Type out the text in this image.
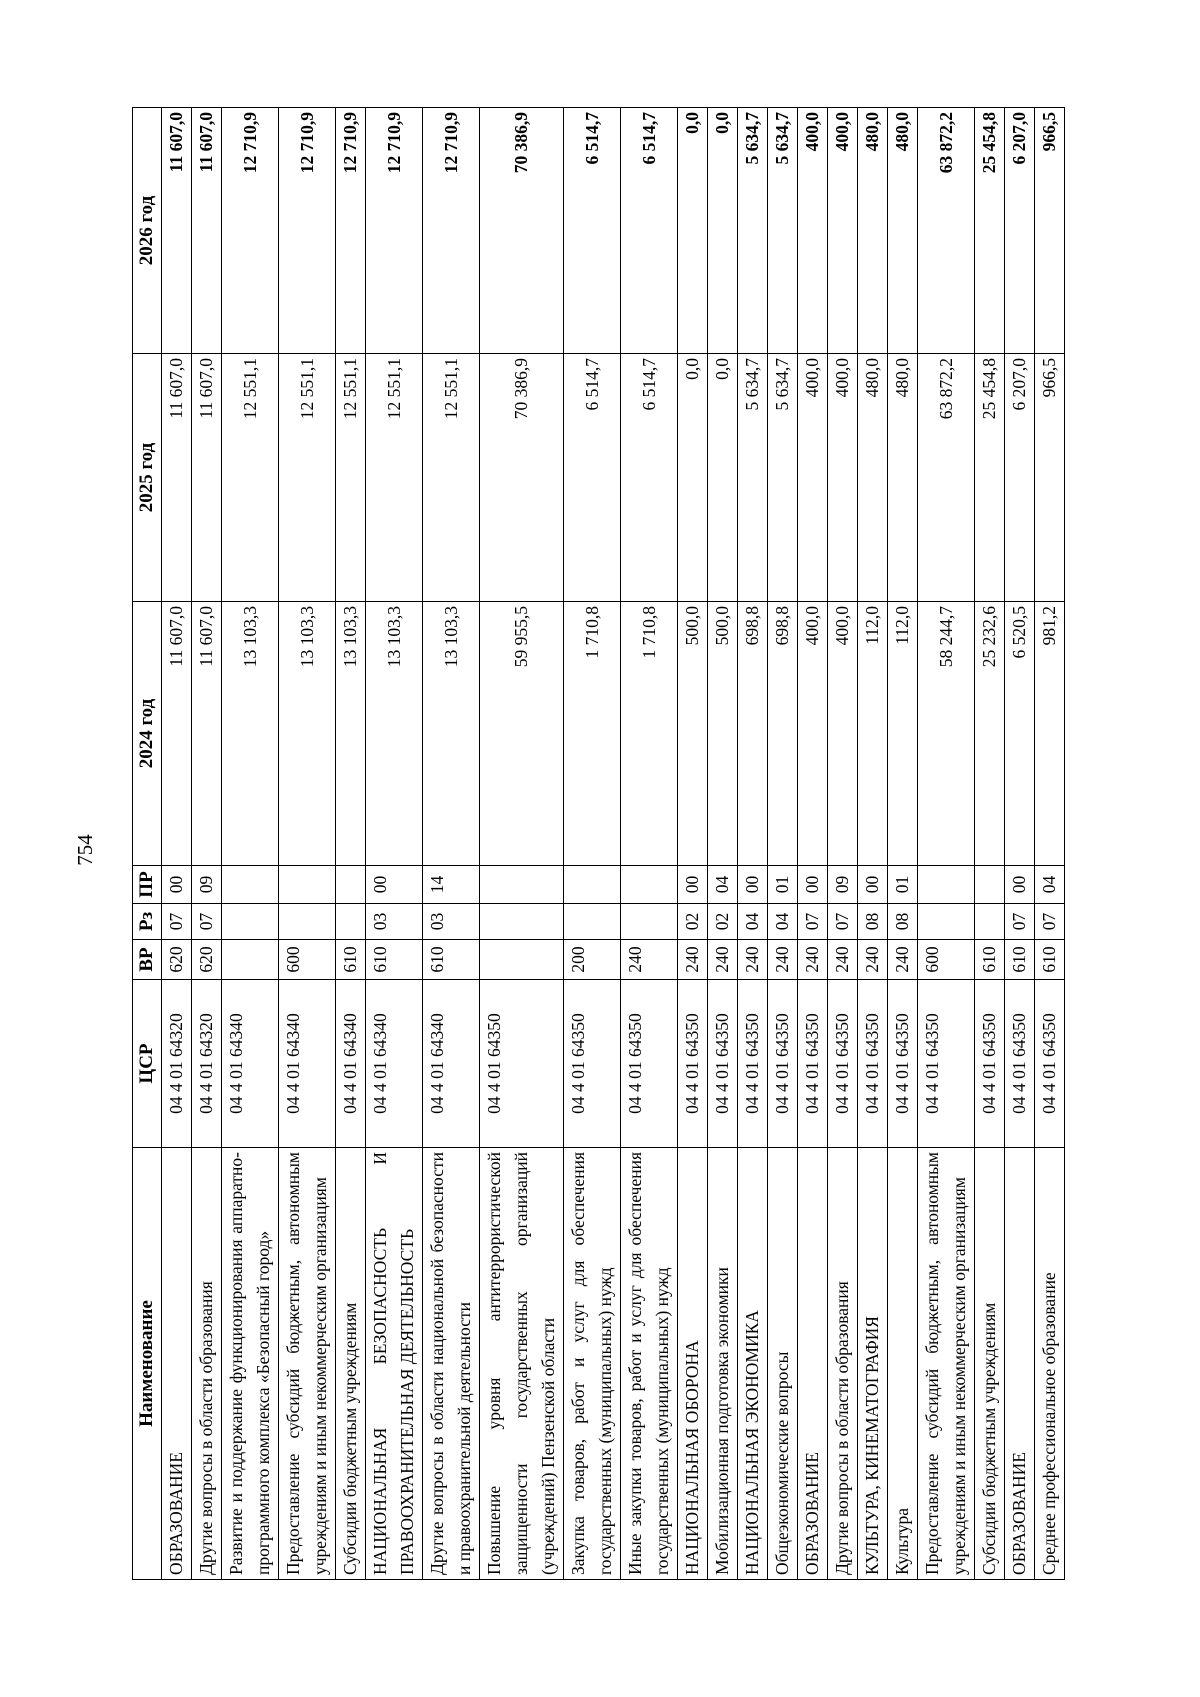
754
Наименование	ЦСР	ВР	Рз	ПР	2024 год	2025 год	2026 год
ОБРАЗОВАНИЕ	04 4 01 64320	620	07	00	11 607,0	11 607,0	11 607,0
Другие вопросы в области образования	04 4 01 64320	620	07	09	11 607,0	11 607,0	11 607,0
Развитие и поддержание функционирования аппаратно-программного комплекса «Безопасный город»	04 4 01 64340				13 103,3	12 551,1	12 710,9
Предоставление субсидий бюджетным, автономным учреждениям и иным некоммерческим организациям	04 4 01 64340	600			13 103,3	12 551,1	12 710,9
Субсидии бюджетным учреждениям	04 4 01 64340	610			13 103,3	12 551,1	12 710,9
НАЦИОНАЛЬНАЯ БЕЗОПАСНОСТЬ И ПРАВООХРАНИТЕЛЬНАЯ ДЕЯТЕЛЬНОСТЬ	04 4 01 64340	610	03	00	13 103,3	12 551,1	12 710,9
Другие вопросы в области национальной безопасности и правоохранительной деятельности	04 4 01 64340	610	03	14	13 103,3	12 551,1	12 710,9
Повышение уровня антитеррористической защищенности государственных организаций (учреждений) Пензенской области	04 4 01 64350				59 955,5	70 386,9	70 386,9
Закупка товаров, работ и услуг для обеспечения государственных (муниципальных) нужд	04 4 01 64350	200			1 710,8	6 514,7	6 514,7
Иные закупки товаров, работ и услуг для обеспечения государственных (муниципальных) нужд	04 4 01 64350	240			1 710,8	6 514,7	6 514,7
НАЦИОНАЛЬНАЯ ОБОРОНА	04 4 01 64350	240	02	00	500,0	0,0	0,0
Мобилизационная подготовка экономики	04 4 01 64350	240	02	04	500,0	0,0	0,0
НАЦИОНАЛЬНАЯ ЭКОНОМИКА	04 4 01 64350	240	04	00	698,8	5 634,7	5 634,7
Общеэкономические вопросы	04 4 01 64350	240	04	01	698,8	5 634,7	5 634,7
ОБРАЗОВАНИЕ	04 4 01 64350	240	07	00	400,0	400,0	400,0
Другие вопросы в области образования	04 4 01 64350	240	07	09	400,0	400,0	400,0
КУЛЬТУРА, КИНЕМАТОГРАФИЯ	04 4 01 64350	240	08	00	112,0	480,0	480,0
Культура	04 4 01 64350	240	08	01	112,0	480,0	480,0
Предоставление субсидий бюджетным, автономным учреждениям и иным некоммерческим организациям	04 4 01 64350	600			58 244,7	63 872,2	63 872,2
Субсидии бюджетным учреждениям	04 4 01 64350	610			25 232,6	25 454,8	25 454,8
ОБРАЗОВАНИЕ	04 4 01 64350	610	07	00	6 520,5	6 207,0	6 207,0
Среднее профессиональное образование	04 4 01 64350	610	07	04	981,2	966,5	966,5
